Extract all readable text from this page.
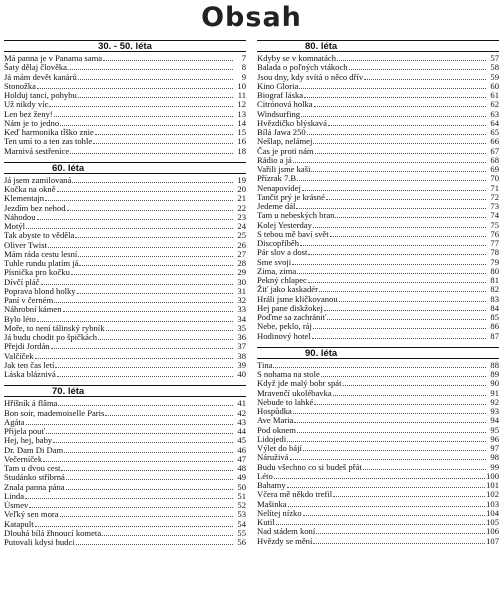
Obsah
30. - 50. léta
Má panna je v Panama sama	7
Šaty dělaj člověka.	8
Já mám devět kanárů	9
Stonožka	10
Holduj tanci, pohybu	11
Už nikdy víc	12
Len bez ženy!	13
Nám je to jedno	14
Keď harmonika tĺško znie	15
Ten umí to a ten zas tohle	16
Marnivá sestřenice	18
60. léta
Já jsem zamilovaná	19
Kočka na okně	20
Klementajn	21
Jezdím bez nehod	22
Náhodou	23
Motýl	24
Tak abyste to věděla	25
Oliver Twist	26
Mám ráda cestu lesní	27
Tuhle rundu platím já	28
Písnička pro kočku	29
Dívčí pláč	30
Poprava blond holky	31
Paní v černém	32
Náhrobní kámen	33
Bylo léto	34
Moře, to není tálinský rybník	35
Já budu chodit po špičkách	36
Přejdi Jordán	37
Valčíček	38
Jak ten čas letí	39
Láska bláznivá	40
70. léta
Hříšník á flâma	41
Bon soir, mademoiselle Paris	42
Agáta	43
Přijela pouť	44
Hej, hej, baby	45
Dr. Dam Di Dam	46
Večerníček	47
Tam u dvou cest	48
Studánko stříbrná	49
Znala panna pána	50
Linda	51
Úsmev	52
Veľký sen mora	53
Katapult	54
Dlouhá bílá žhnoucí kometa.	55
Putovali kdysi hudci	56
80. léta
Kdyby se v komnatách	57
Balada o poľných vtákoch	58
Jsou dny, kdy svítá o něco dřív	59
Kino Gloria	60
Biograf láska	61
Citrónová holka	62
Windsurfing	63
Hvězdičko blýskavá	64
Bílá Jawa 250	65
Nešlap, nelámej	66
Čas je proti nám	67
Rádio a já	68
Vařili jsme kaši	69
Přízrak 7.B	70
Nenapovídej	71
Tančit prý je krásné	72
Jedeme dál	73
Tam u nebeských bran	74
Kolej Yesterday	75
S tebou mě baví svět	76
Discopříběh	77
Pár slov a dost	78
Sme svoji	79
Zima, zima	80
Pekný chlapec	81
Žiť jako kaskadér	82
Hráli jsme kličkovanou	83
Hej pane diskžokej	84
Poďme sa zachrániť	85
Nebe, peklo, ráj	86
Hodinový hotel	87
90. léta
Tina	88
S nohama na stole	89
Když jde malý bobr spát	90
Mravenčí ukolébavka	91
Nebude to lahké	92
Hospůdka	93
Ave Maria	94
Pod oknem	95
Lidojedi	96
Výlet do bájí	97
Náruživá	98
Budu všechno co si budeš přát	99
Léto	100
Bahamy	101
Včera mě někdo trefil	102
Mašinka	103
Nelítej nízko	104
Kutil	105
Nad stádem koní	106
Hvězdy se mění	107
